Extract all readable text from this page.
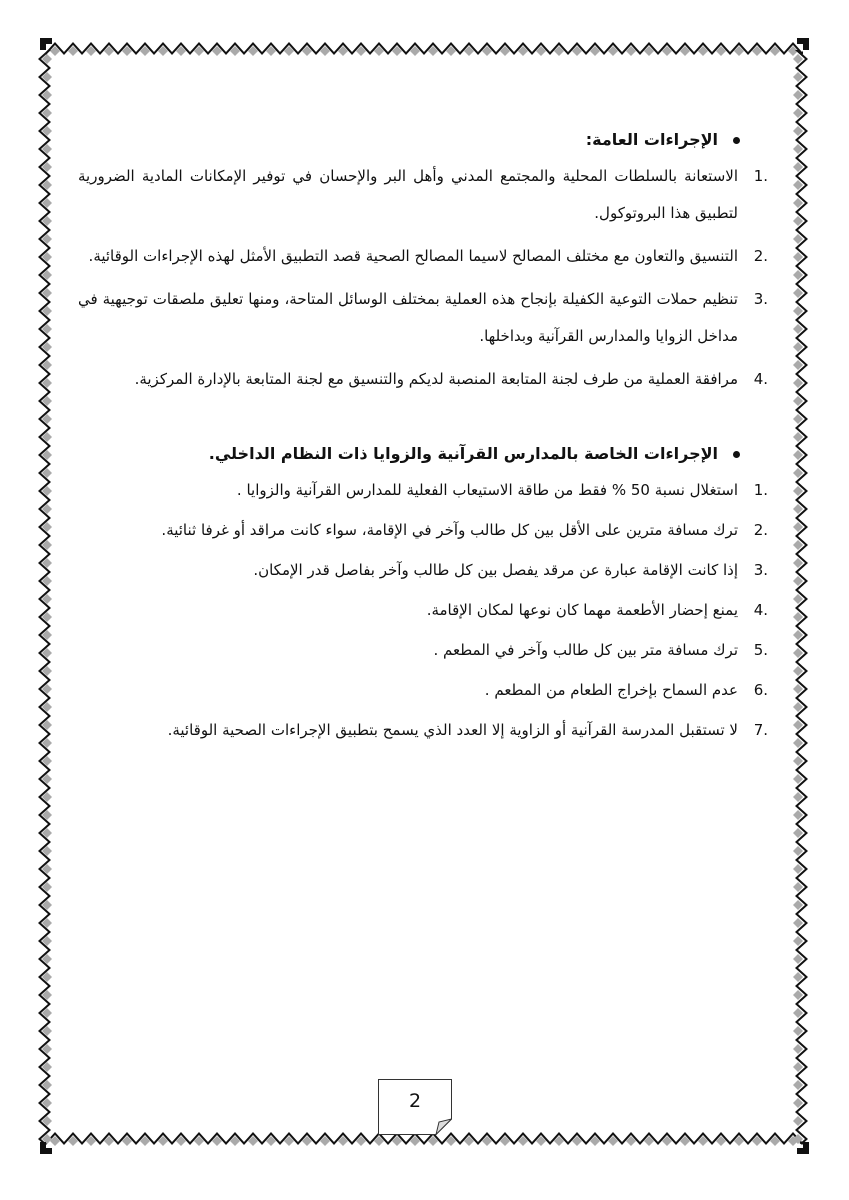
الإجراءات العامة:

1.
الاستعانة بالسلطات المحلية والمجتمع المدني وأهل البر والإحسان في توفير الإمكانات المادية الضرورية لتطبيق هذا البروتوكول.
2.
التنسيق والتعاون مع مختلف المصالح لاسيما المصالح الصحية قصد التطبيق الأمثل لهذه الإجراءات الوقائية.
3.
تنظيم حملات التوعية الكفيلة بإنجاح هذه العملية بمختلف الوسائل المتاحة، ومنها تعليق ملصقات توجيهية في مداخل الزوايا والمدارس القرآنية وبداخلها.
4.
مرافقة العملية من طرف لجنة المتابعة المنصبة لديكم والتنسيق مع لجنة المتابعة بالإدارة المركزية.

الإجراءات الخاصة بالمدارس القرآنية والزوايا ذات النظام الداخلي.

1.
استغلال نسبة 50 % فقط من طاقة الاستيعاب الفعلية للمدارس القرآنية والزوايا .
2.
ترك مسافة مترين على الأقل بين كل طالب وآخر في الإقامة، سواء كانت مراقد أو غرفا ثنائية.
3.
إذا كانت الإقامة عبارة عن مرقد يفصل بين كل طالب وآخر بفاصل قدر الإمكان.
4.
يمنع إحضار الأطعمة مهما كان نوعها لمكان الإقامة.
5.
ترك مسافة متر بين كل طالب وآخر في المطعم .
6.
عدم السماح بإخراج الطعام من المطعم .
7.
لا تستقبل المدرسة القرآنية أو الزاوية إلا العدد الذي يسمح بتطبيق الإجراءات الصحية الوقائية.
2
